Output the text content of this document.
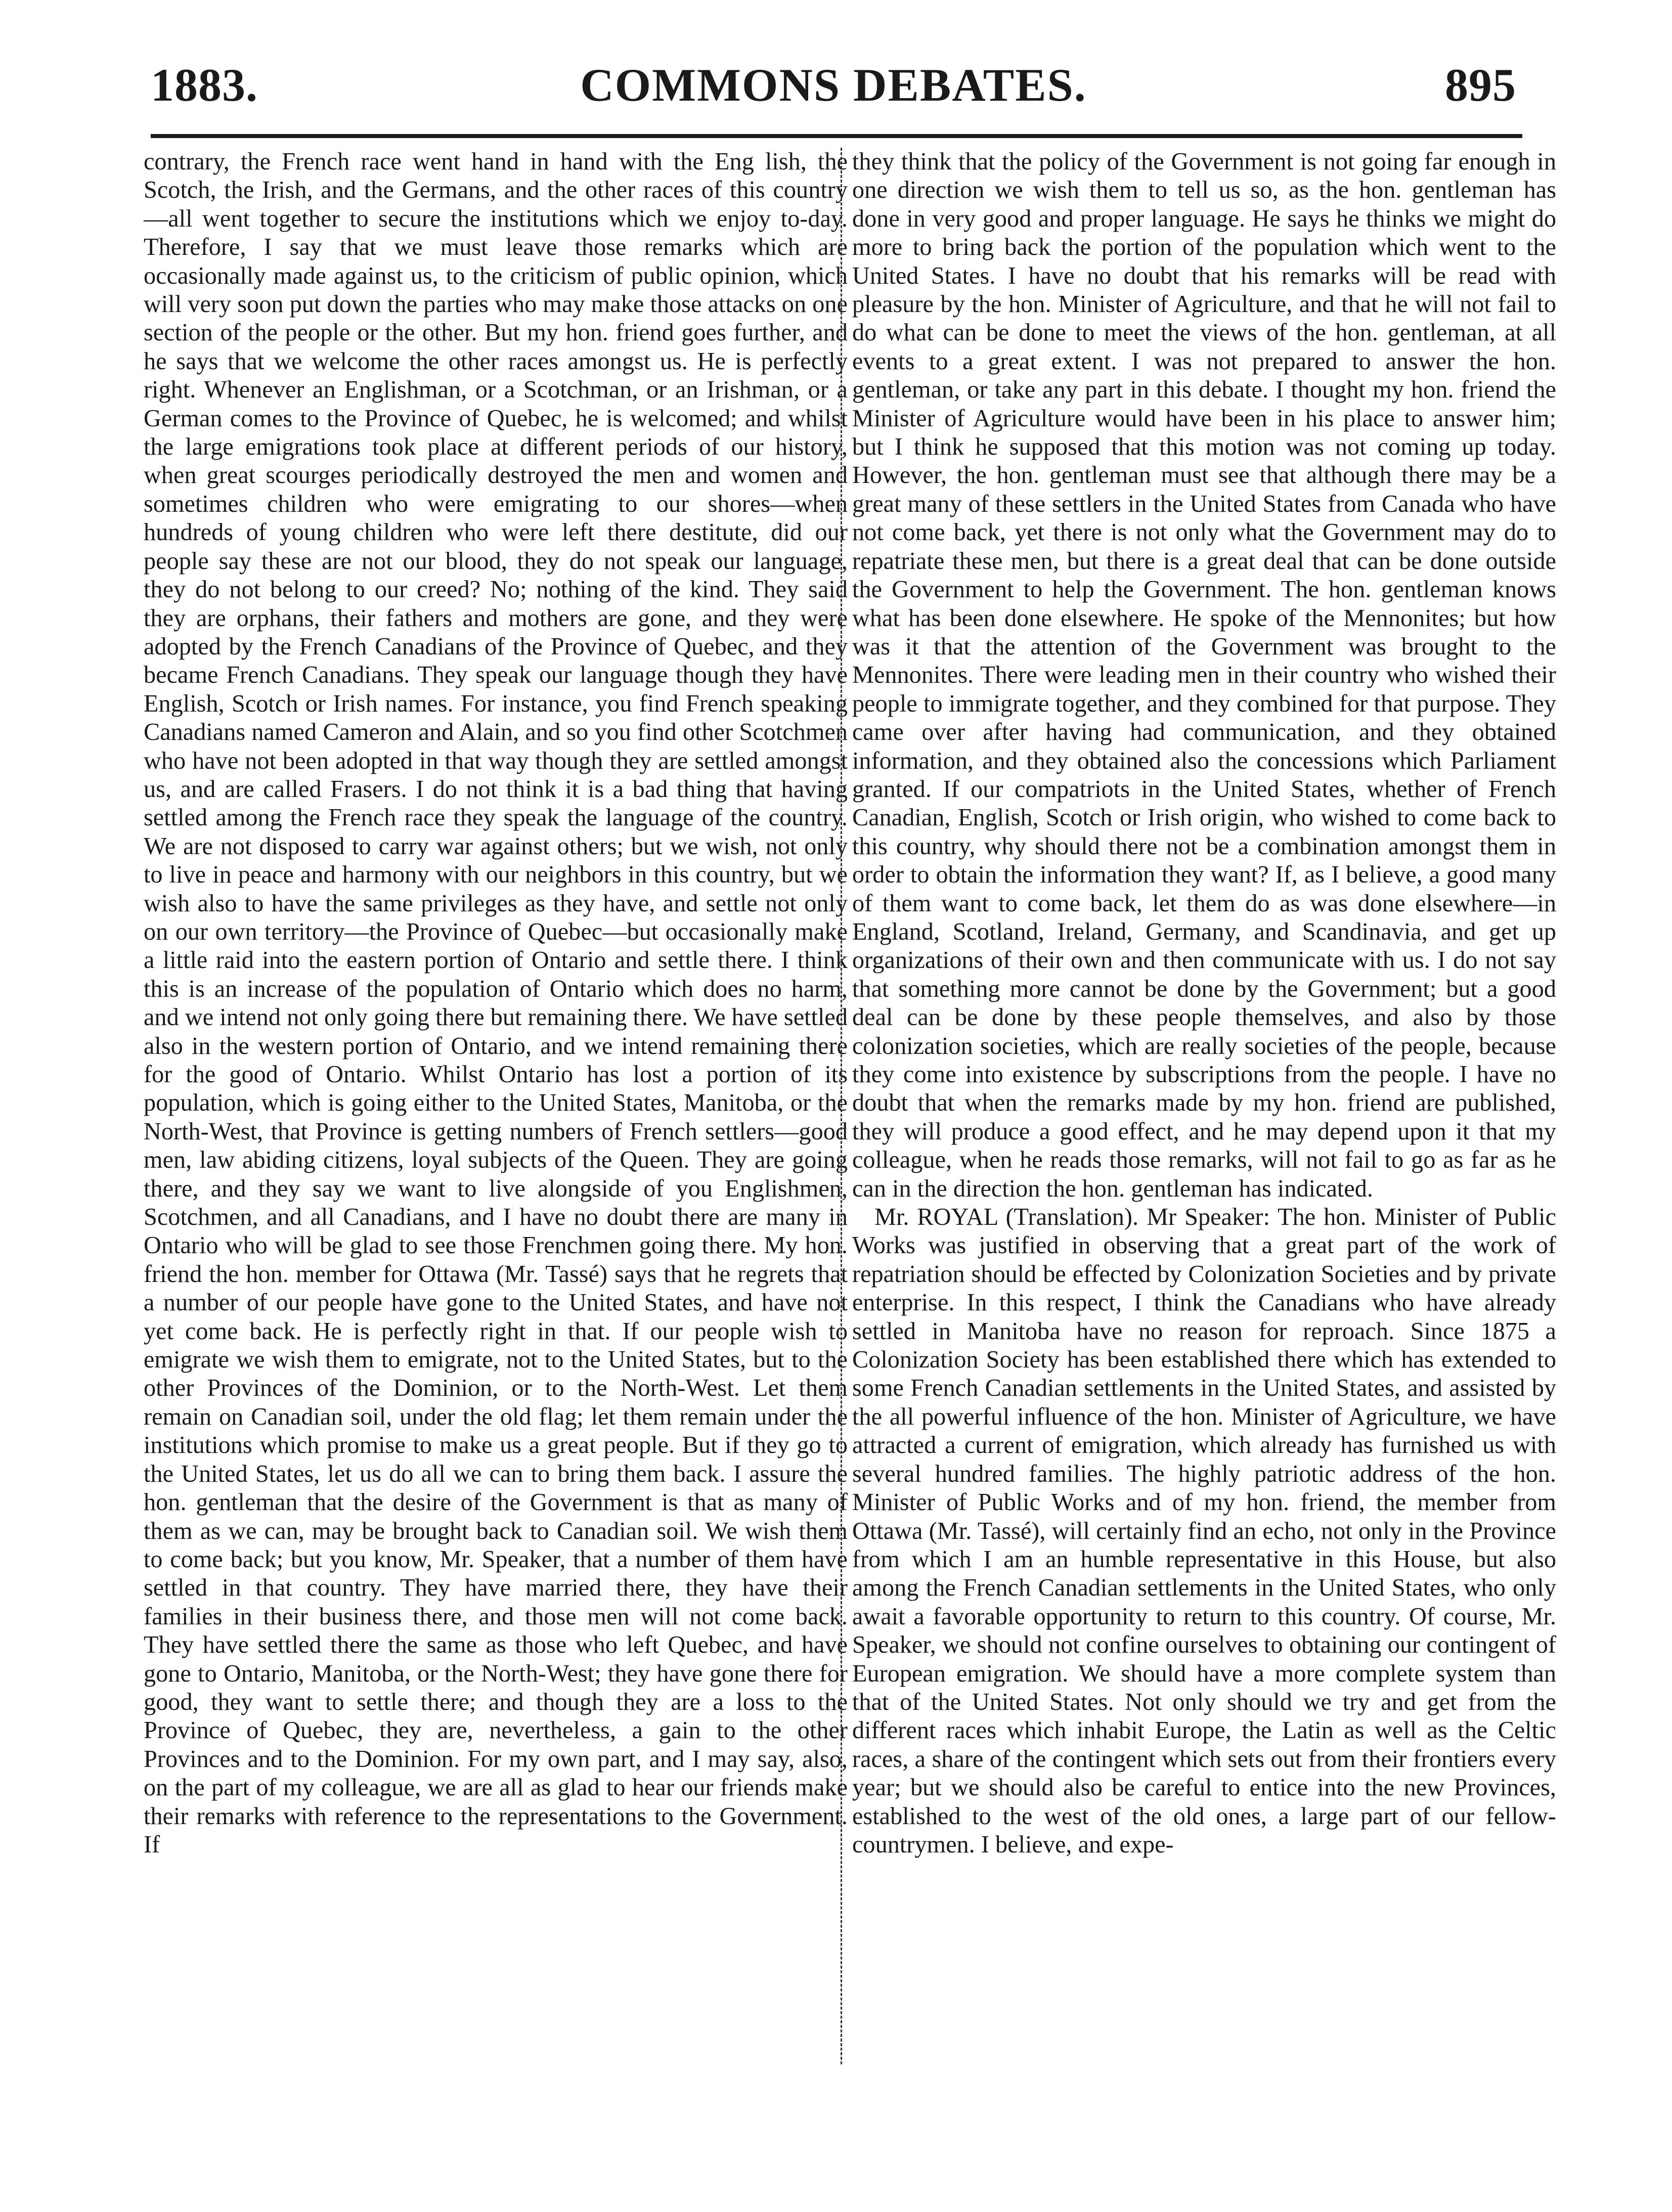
1883.	COMMONS DEBATES.	895

contrary, the French race went hand in hand with the Eng lish, the Scotch, the Irish, and the Germans, and the other races of this country—all went together to secure the institutions which we enjoy to-day. Therefore, I say that we must leave those remarks which are occasionally made against us, to the criticism of public opinion, which will very soon put down the parties who may make those attacks on one section of the people or the other. But my hon. friend goes further, and he says that we welcome the other races amongst us. He is perfectly right. Whenever an Englishman, or a Scotchman, or an Irishman, or a German comes to the Province of Quebec, he is welcomed; and whilst the large emigrations took place at different periods of our history, when great scourges periodically destroyed the men and women and sometimes children who were emigrating to our shores—when hundreds of young children who were left there destitute, did our people say these are not our blood, they do not speak our language, they do not belong to our creed? No; nothing of the kind. They said they are orphans, their fathers and mothers are gone, and they were adopted by the French Canadians of the Province of Quebec, and they became French Canadians. They speak our language though they have English, Scotch or Irish names. For instance, you find French speaking Canadians named Cameron and Alain, and so you find other Scotchmen who have not been adopted in that way though they are settled amongst us, and are called Frasers. I do not think it is a bad thing that having settled among the French race they speak the language of the country. We are not disposed to carry war against others; but we wish, not only to live in peace and harmony with our neighbors in this country, but we wish also to have the same privileges as they have, and settle not only on our own territory—the Province of Quebec—but occasionally make a little raid into the eastern portion of Ontario and settle there. I think this is an increase of the population of Ontario which does no harm, and we intend not only going there but remaining there. We have settled also in the western portion of Ontario, and we intend remaining there for the good of Ontario. Whilst Ontario has lost a portion of its population, which is going either to the United States, Manitoba, or the North-West, that Province is getting numbers of French settlers—good men, law abiding citizens, loyal subjects of the Queen. They are going there, and they say we want to live alongside of you Englishmen, Scotchmen, and all Canadians, and I have no doubt there are many in Ontario who will be glad to see those Frenchmen going there. My hon. friend the hon. member for Ottawa (Mr. Tassé) says that he regrets that a number of our people have gone to the United States, and have not yet come back. He is perfectly right in that. If our people wish to emigrate we wish them to emigrate, not to the United States, but to the other Provinces of the Dominion, or to the North-West. Let them remain on Canadian soil, under the old flag; let them remain under the institutions which promise to make us a great people. But if they go to the United States, let us do all we can to bring them back. I assure the hon. gentleman that the desire of the Government is that as many of them as we can, may be brought back to Canadian soil. We wish them to come back; but you know, Mr. Speaker, that a number of them have settled in that country. They have married there, they have their families in their business there, and those men will not come back. They have settled there the same as those who left Quebec, and have gone to Ontario, Manitoba, or the North-West; they have gone there for good, they want to settle there; and though they are a loss to the Province of Quebec, they are, nevertheless, a gain to the other Provinces and to the Dominion. For my own part, and I may say, also, on the part of my colleague, we are all as glad to hear our friends make their remarks with reference to the representations to the Government. If

they think that the policy of the Government is not going far enough in one direction we wish them to tell us so, as the hon. gentleman has done in very good and proper language. He says he thinks we might do more to bring back the portion of the population which went to the United States. I have no doubt that his remarks will be read with pleasure by the hon. Minister of Agriculture, and that he will not fail to do what can be done to meet the views of the hon. gentleman, at all events to a great extent. I was not prepared to answer the hon. gentleman, or take any part in this debate. I thought my hon. friend the Minister of Agriculture would have been in his place to answer him; but I think he supposed that this motion was not coming up today. However, the hon. gentleman must see that although there may be a great many of these settlers in the United States from Canada who have not come back, yet there is not only what the Government may do to repatriate these men, but there is a great deal that can be done outside the Government to help the Government. The hon. gentleman knows what has been done elsewhere. He spoke of the Mennonites; but how was it that the attention of the Government was brought to the Mennonites. There were leading men in their country who wished their people to immigrate together, and they combined for that purpose. They came over after having had communication, and they obtained information, and they obtained also the concessions which Parliament granted. If our compatriots in the United States, whether of French Canadian, English, Scotch or Irish origin, who wished to come back to this country, why should there not be a combination amongst them in order to obtain the information they want? If, as I believe, a good many of them want to come back, let them do as was done elsewhere—in England, Scotland, Ireland, Germany, and Scandinavia, and get up organizations of their own and then communicate with us. I do not say that something more cannot be done by the Government; but a good deal can be done by these people themselves, and also by those colonization societies, which are really societies of the people, because they come into existence by subscriptions from the people. I have no doubt that when the remarks made by my hon. friend are published, they will produce a good effect, and he may depend upon it that my colleague, when he reads those remarks, will not fail to go as far as he can in the direction the hon. gentleman has indicated.

Mr. ROYAL (Translation). Mr Speaker: The hon. Minister of Public Works was justified in observing that a great part of the work of repatriation should be effected by Colonization Societies and by private enterprise. In this respect, I think the Canadians who have already settled in Manitoba have no reason for reproach. Since 1875 a Colonization Society has been established there which has extended to some French Canadian settlements in the United States, and assisted by the all powerful influence of the hon. Minister of Agriculture, we have attracted a current of emigration, which already has furnished us with several hundred families. The highly patriotic address of the hon. Minister of Public Works and of my hon. friend, the member from Ottawa (Mr. Tassé), will certainly find an echo, not only in the Province from which I am an humble representative in this House, but also among the French Canadian settlements in the United States, who only await a favorable opportunity to return to this country. Of course, Mr. Speaker, we should not confine ourselves to obtaining our contingent of European emigration. We should have a more complete system than that of the United States. Not only should we try and get from the different races which inhabit Europe, the Latin as well as the Celtic races, a share of the contingent which sets out from their frontiers every year; but we should also be careful to entice into the new Provinces, established to the west of the old ones, a large part of our fellow-countrymen. I believe, and expe-
